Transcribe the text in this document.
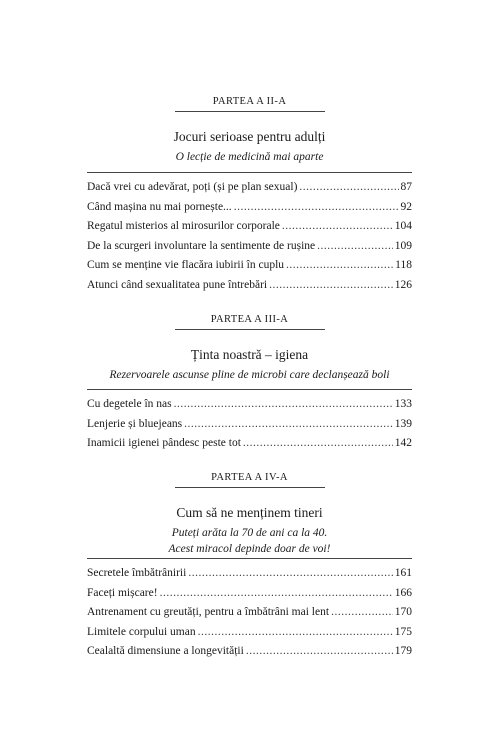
PARTEA A II-A
Jocuri serioase pentru adulți
O lecție de medicină mai aparte
Dacă vrei cu adevărat, poți (și pe plan sexual) .....	87
Când mașina nu mai pornește... .....	92
Regatul misterios al mirosurilor corporale .....	104
De la scurgeri involuntare la sentimente de rușine .....	109
Cum se menține vie flacăra iubirii în cuplu .....	118
Atunci când sexualitatea pune întrebări .....	126
PARTEA A III-A
Ținta noastră – igiena
Rezervoarele ascunse pline de microbi care declanșează boli
Cu degetele în nas .....	133
Lenjerie și bluejeans .....	139
Inamicii igienei pândesc peste tot .....	142
PARTEA A IV-A
Cum să ne menținem tineri
Puteți arăta la 70 de ani ca la 40.
Acest miracol depinde doar de voi!
Secretele îmbătrânirii .....	161
Faceți mișcare! .....	166
Antrenament cu greutăți, pentru a îmbătrâni mai lent .....	170
Limitele corpului uman .....	175
Cealaltă dimensiune a longevității .....	179
